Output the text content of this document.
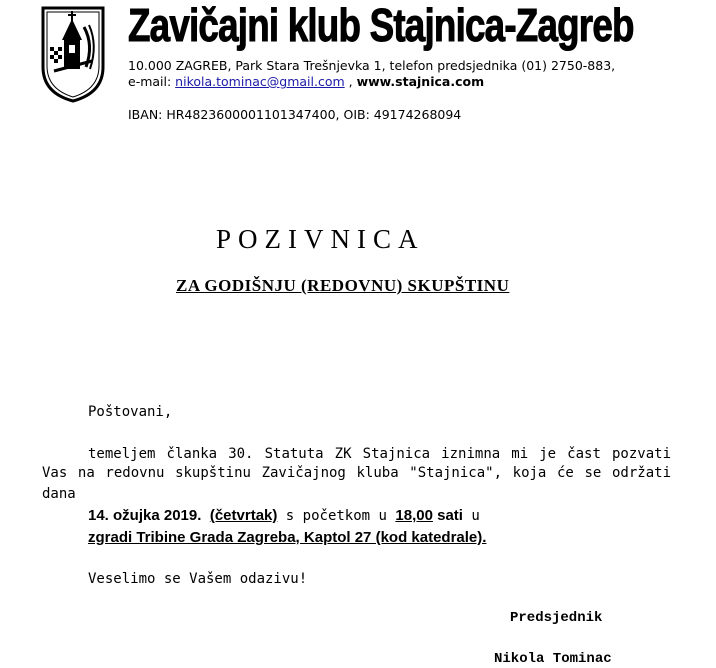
Zavičajni klub Stajnica-Zagreb
10.000 ZAGREB, Park Stara Trešnjevka 1, telefon predsjednika (01) 2750-883,
e-mail: nikola.tominac@gmail.com , www.stajnica.com
IBAN: HR4823600001101347400, OIB: 49174268094
POZIVNICA
ZA GODIŠNJU (REDOVNU) SKUPŠTINU
Poštovani,
temeljem članka 30. Statuta ZK Stajnica iznimna mi je čast pozvati
Vas na redovnu skupštinu Zavičajnog kluba "Stajnica", koja će se održati
dana
14. ožujka 2019. (četvrtak) s početkom u 18,00 sati u
zgradi Tribine Grada Zagreba, Kaptol 27 (kod katedrale).
Veselimo se Vašem odazivu!
Predsjednik
Nikola Tominac
